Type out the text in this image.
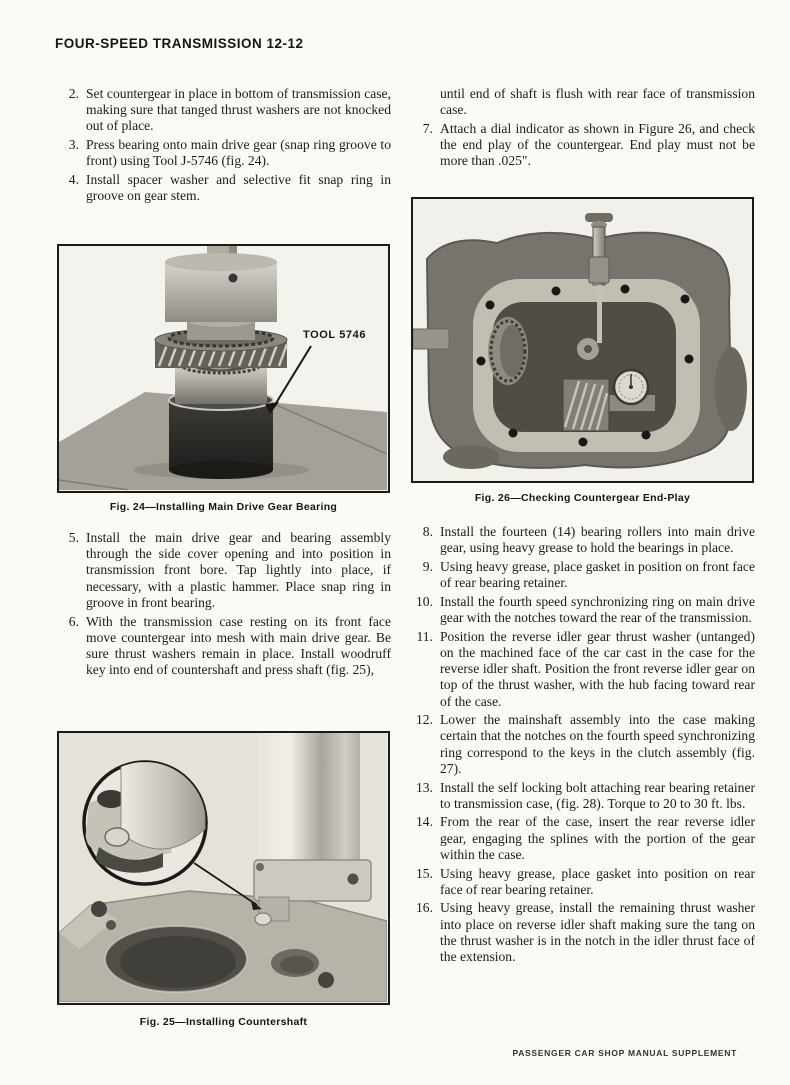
FOUR-SPEED TRANSMISSION 12-12
2. Set countergear in place in bottom of transmission case, making sure that tanged thrust washers are not knocked out of place.
3. Press bearing onto main drive gear (snap ring groove to front) using Tool J-5746 (fig. 24).
4. Install spacer washer and selective fit snap ring in groove on gear stem.
TOOL 5746
Fig. 24—Installing Main Drive Gear Bearing
5. Install the main drive gear and bearing assembly through the side cover opening and into position in transmission front bore. Tap lightly into place, if necessary, with a plastic hammer. Place snap ring in groove in front bearing.
6. With the transmission case resting on its front face move countergear into mesh with main drive gear. Be sure thrust washers remain in place. Install woodruff key into end of countershaft and press shaft (fig. 25),
Fig. 25—Installing Countershaft
until end of shaft is flush with rear face of transmission case.
7. Attach a dial indicator as shown in Figure 26, and check the end play of the countergear. End play must not be more than .025".
Fig. 26—Checking Countergear End-Play
8. Install the fourteen (14) bearing rollers into main drive gear, using heavy grease to hold the bearings in place.
9. Using heavy grease, place gasket in position on front face of rear bearing retainer.
10. Install the fourth speed synchronizing ring on main drive gear with the notches toward the rear of the transmission.
11. Position the reverse idler gear thrust washer (untanged) on the machined face of the car cast in the case for the reverse idler shaft. Position the front reverse idler gear on top of the thrust washer, with the hub facing toward rear of the case.
12. Lower the mainshaft assembly into the case making certain that the notches on the fourth speed synchronizing ring correspond to the keys in the clutch assembly (fig. 27).
13. Install the self locking bolt attaching rear bearing retainer to transmission case, (fig. 28). Torque to 20 to 30 ft. lbs.
14. From the rear of the case, insert the rear reverse idler gear, engaging the splines with the portion of the gear within the case.
15. Using heavy grease, place gasket into position on rear face of rear bearing retainer.
16. Using heavy grease, install the remaining thrust washer into place on reverse idler shaft making sure the tang on the thrust washer is in the notch in the idler thrust face of the extension.
PASSENGER CAR SHOP MANUAL SUPPLEMENT
